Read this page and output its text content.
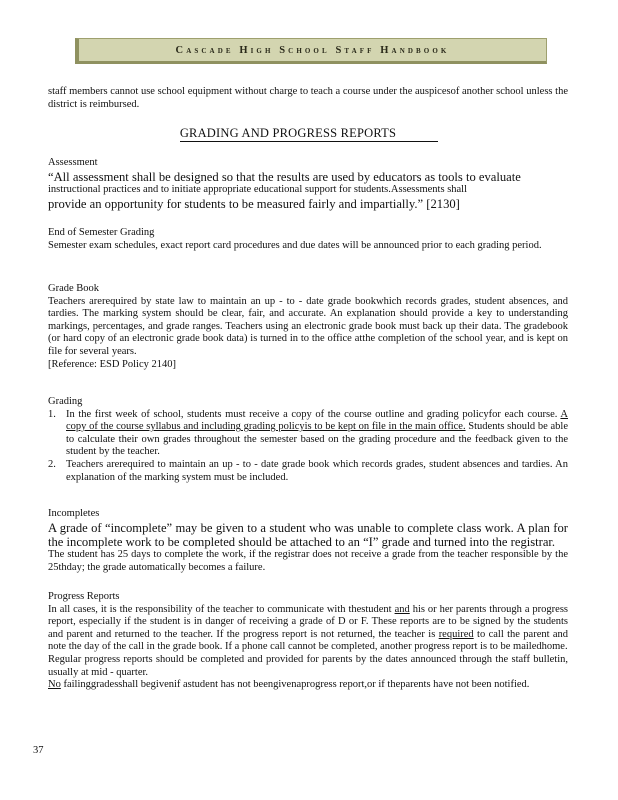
Cascade High School Staff Handbook

staff members cannot use school equipment without charge to teach a course under the auspicesof another school unless the district is reimbursed.

GRADING AND PROGRESS REPORTS

Assessment

“All assessment shall be designed so that the results are used by educators as tools to evaluate

instructional practices and to initiate appropriate educational support for students.Assessments shall

provide an opportunity for students to be measured fairly and impartially.” [2130]

End of Semester Grading

Semester exam schedules, exact report card procedures and due dates will be announced prior to each grading period.

Grade Book

Teachers arerequired by state law to maintain an up - to - date grade bookwhich records grades, student absences, and tardies. The marking system should be clear, fair, and accurate. An explanation should provide a key to understanding markings, percentages, and grade ranges. Teachers using an electronic grade book must back up their data. The gradebook (or hard copy of an electronic grade book data) is turned in to the office atthe completion of the school year, and is kept on file for several years.

[Reference: ESD Policy 2140]

Grading

1. In the first week of school, students must receive a copy of the course outline and grading policyfor each course. A copy of the course syllabus and including grading policyis to be kept on file in the main office. Students should be able to calculate their own grades throughout the semester based on the grading procedure and the feedback given to the student by the teacher.
2. Teachers arerequired to maintain an up - to - date grade book which records grades, student absences and tardies. An explanation of the marking system must be included.

Incompletes

A grade of “incomplete” may be given to a student who was unable to complete class work. A plan for the incomplete work to be completed should be attached to an “I” grade and turned into the registrar.

The student has 25 days to complete the work, if the registrar does not receive a grade from the teacher responsible by the 25thday; the grade automatically becomes a failure.

Progress Reports

In all cases, it is the responsibility of the teacher to communicate with thestudent and his or her parents through a progress report, especially if the student is in danger of receiving a grade of D or F. These reports are to be signed by the students and parent and returned to the teacher. If the progress report is not returned, the teacher is required to call the parent and note the day of the call in the grade book. If a phone call cannot be completed, another progress report is to be mailedhome.

Regular progress reports should be completed and provided for parents by the dates announced through the staff bulletin, usually at mid - quarter.

No failinggradesshall begivenif astudent has not beengivenaprogress report,or if theparents have not been notified.

37
